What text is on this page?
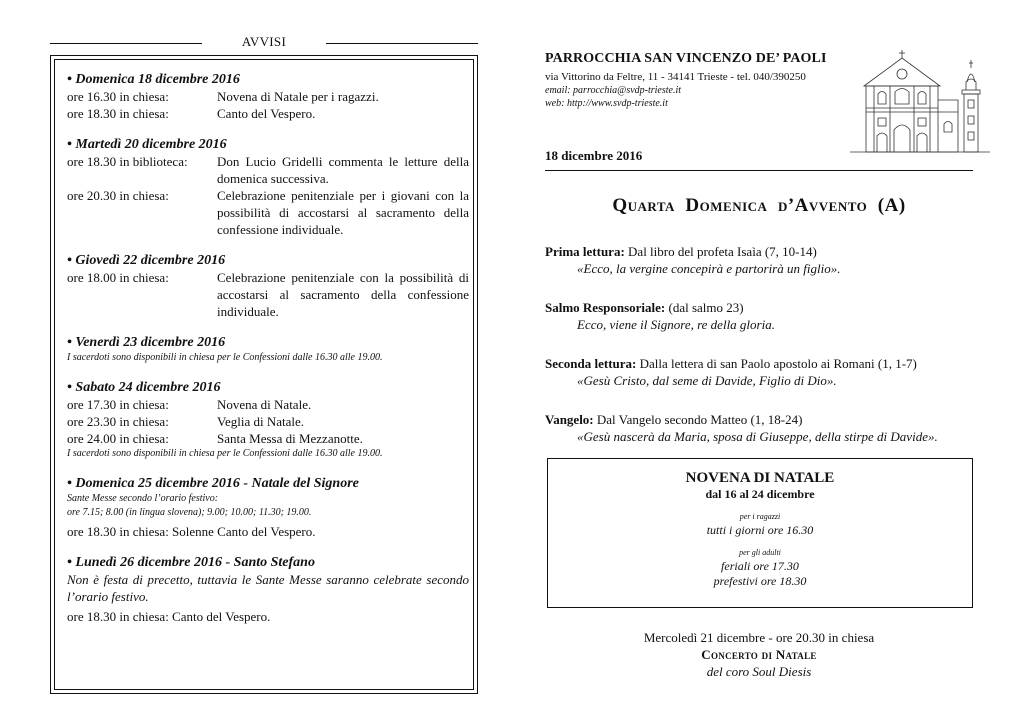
AVVISI
• Domenica 18 dicembre 2016
ore 16.30 in chiesa:	Novena di Natale per i ragazzi.
ore 18.30 in chiesa:	Canto del Vespero.
• Martedì 20 dicembre 2016
ore 18.30 in biblioteca:	Don Lucio Gridelli commenta le letture della domenica successiva.
ore 20.30 in chiesa:	Celebrazione penitenziale per i giovani con la possibilità di accostarsi al sacramento della confessione individuale.
• Giovedì 22 dicembre 2016
ore 18.00 in chiesa:	Celebrazione penitenziale con la possibilità di accostarsi al sacramento della confessione individuale.
• Venerdì 23 dicembre 2016
I sacerdoti sono disponibili in chiesa per le Confessioni dalle 16.30 alle 19.00.
• Sabato 24 dicembre 2016
ore 17.30 in chiesa:	Novena di Natale.
ore 23.30 in chiesa:	Veglia di Natale.
ore 24.00 in chiesa:	Santa Messa di Mezzanotte.
I sacerdoti sono disponibili in chiesa per le Confessioni dalle 16.30 alle 19.00.
• Domenica 25 dicembre 2016 - Natale del Signore
Sante Messe secondo l’orario festivo:
ore 7.15; 8.00 (in lingua slovena); 9.00; 10.00; 11.30; 19.00.
ore 18.30 in chiesa: Solenne Canto del Vespero.
• Lunedì 26 dicembre 2016 - Santo Stefano
Non è festa di precetto, tuttavia le Sante Messe saranno celebrate secondo l’orario festivo.
ore 18.30 in chiesa: Canto del Vespero.
PARROCCHIA SAN VINCENZO DE’ PAOLI
via Vittorino da Feltre, 11 - 34141 Trieste - tel. 040/390250
email: parrocchia@svdp-trieste.it
web: http://www.svdp-trieste.it
18 dicembre 2016
Quarta Domenica d’Avvento (A)
Prima lettura: Dal libro del profeta Isaìa (7, 10-14)
«Ecco, la vergine concepirà e partorirà un figlio».
Salmo Responsoriale: (dal salmo 23)
Ecco, viene il Signore, re della gloria.
Seconda lettura: Dalla lettera di san Paolo apostolo ai Romani (1, 1-7)
«Gesù Cristo, dal seme di Davide, Figlio di Dio».
Vangelo: Dal Vangelo secondo Matteo (1, 18-24)
«Gesù nascerà da Maria, sposa di Giuseppe, della stirpe di Davide».
NOVENA DI NATALE
dal 16 al 24 dicembre
per i ragazzi
tutti i giorni ore 16.30
per gli adulti
feriali ore 17.30
prefestivi ore 18.30
Mercoledì 21 dicembre - ore 20.30 in chiesa
Concerto di Natale
del coro Soul Diesis
